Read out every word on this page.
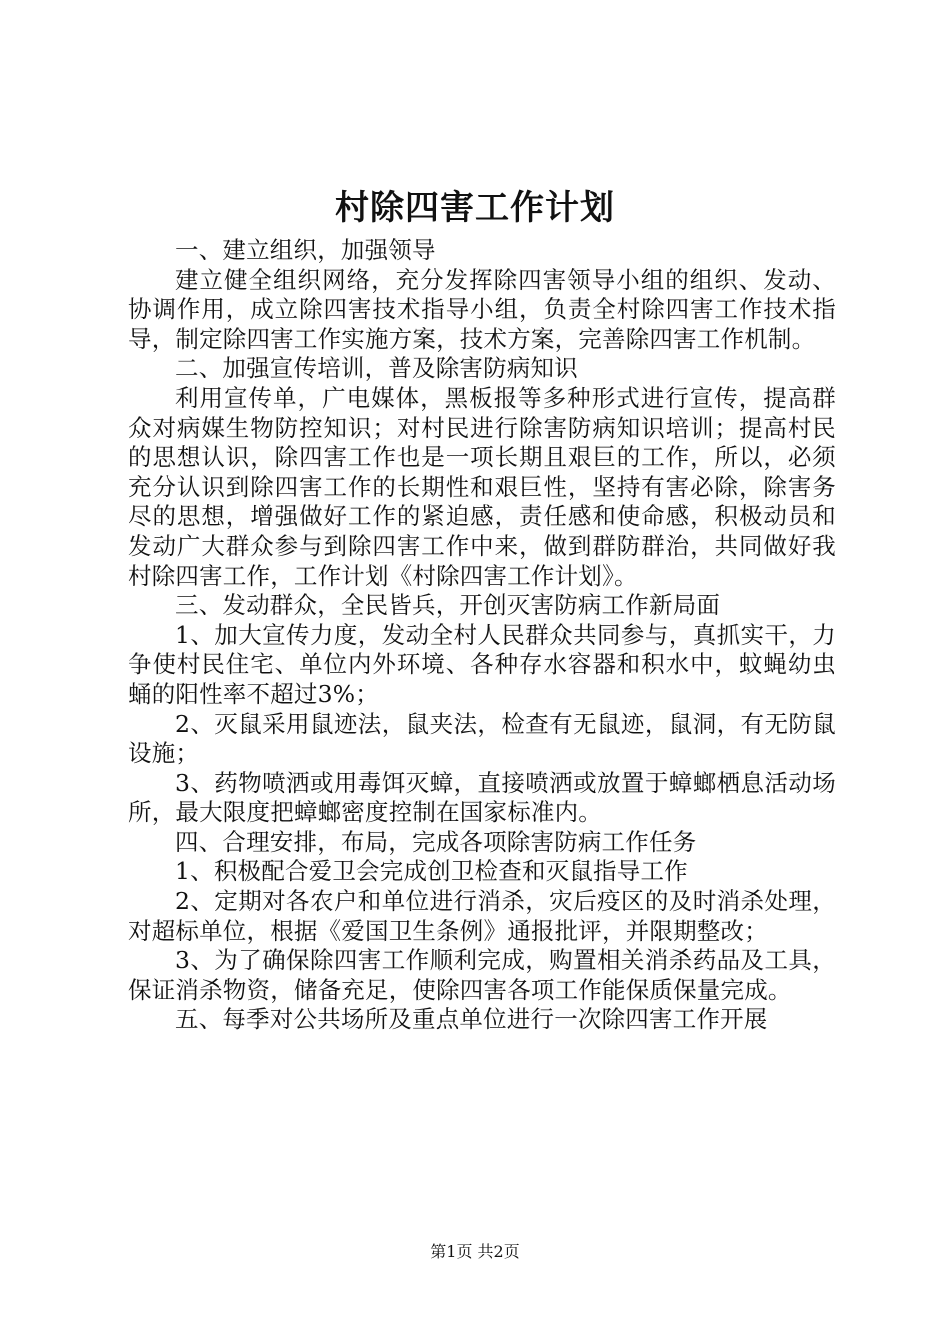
村除四害工作计划

一、建立组织，加强领导

建立健全组织网络，充分发挥除四害领导小组的组织、发动、协调作用，成立除四害技术指导小组，负责全村除四害工作技术指导，制定除四害工作实施方案，技术方案，完善除四害工作机制。

二、加强宣传培训，普及除害防病知识

利用宣传单，广电媒体，黑板报等多种形式进行宣传，提高群众对病媒生物防控知识；对村民进行除害防病知识培训；提高村民的思想认识，除四害工作也是一项长期且艰巨的工作，所以，必须充分认识到除四害工作的长期性和艰巨性，坚持有害必除，除害务尽的思想，增强做好工作的紧迫感，责任感和使命感，积极动员和发动广大群众参与到除四害工作中来，做到群防群治，共同做好我村除四害工作，工作计划《村除四害工作计划》。

三、发动群众，全民皆兵，开创灭害防病工作新局面

1、加大宣传力度，发动全村人民群众共同参与，真抓实干，力争使村民住宅、单位内外环境、各种存水容器和积水中，蚊蝇幼虫蛹的阳性率不超过3%；

2、灭鼠采用鼠迹法，鼠夹法，检查有无鼠迹，鼠洞，有无防鼠设施；

3、药物喷洒或用毒饵灭蟑，直接喷洒或放置于蟑螂栖息活动场所，最大限度把蟑螂密度控制在国家标准内。

四、合理安排，布局，完成各项除害防病工作任务

1、积极配合爱卫会完成创卫检查和灭鼠指导工作

2、定期对各农户和单位进行消杀，灾后疫区的及时消杀处理，对超标单位，根据《爱国卫生条例》通报批评，并限期整改；

3、为了确保除四害工作顺利完成，购置相关消杀药品及工具，保证消杀物资，储备充足，使除四害各项工作能保质保量完成。

五、每季对公共场所及重点单位进行一次除四害工作开展

第1页 共2页
